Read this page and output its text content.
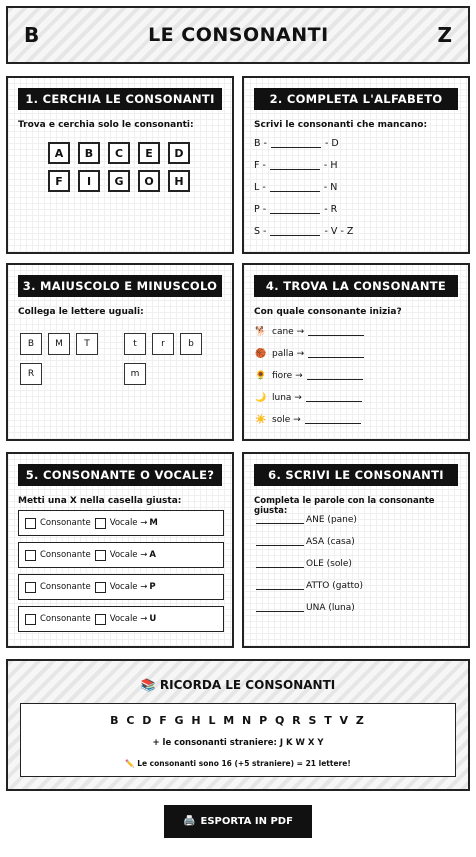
B	LE CONSONANTI	Z
1. CERCHIA LE CONSONANTI
Trova e cerchia solo le consonanti:
A	B	C	E	D
F	I	G	O	H
2. COMPLETA L'ALFABETO
Scrivi le consonanti che mancano:
B -	- D
F -	- H
L -	- N
P -	- R
S -	- V - Z
3. MAIUSCOLO E MINUSCOLO
Collega le lettere uguali:
B	M	T
R
t	r	b
m
4. TROVA LA CONSONANTE
Con quale consonante inizia?
🐕 cane →
🏀 palla →
🌻 fiore →
🌙 luna →
☀️ sole →
5. CONSONANTE O VOCALE?
Metti una X nella casella giusta:
Consonante Vocale → M
Consonante Vocale → A
Consonante Vocale → P
Consonante Vocale → U
6. SCRIVI LE CONSONANTI
Completa le parole con la consonante giusta:
ANE (pane)
ASA (casa)
OLE (sole)
ATTO (gatto)
UNA (luna)
📚 RICORDA LE CONSONANTI
B C D F G H L M N P Q R S T V Z
+ le consonanti straniere: J K W X Y
✏️ Le consonanti sono 16 (+5 straniere) = 21 lettere!
🖨️ ESPORTA IN PDF
